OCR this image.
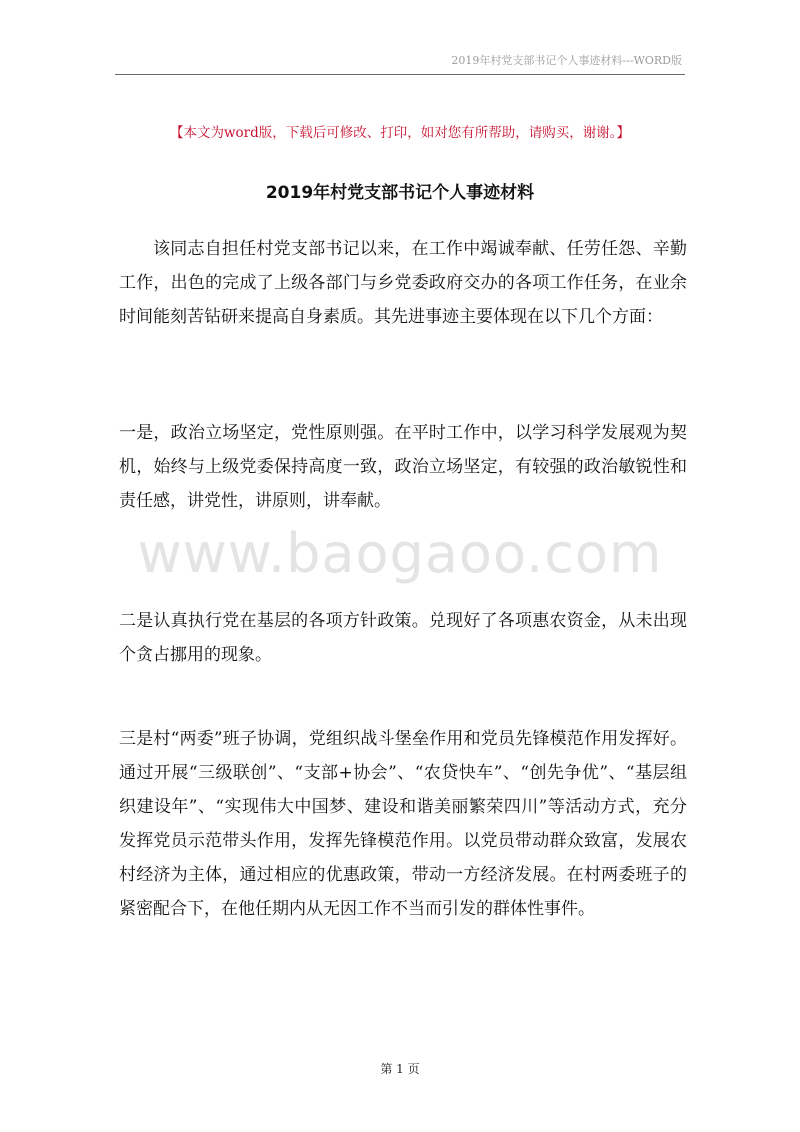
2019年村党支部书记个人事迹材料---WORD版
【本文为word版，下载后可修改、打印，如对您有所帮助，请购买，谢谢。】
2019年村党支部书记个人事迹材料

该同志自担任村党支部书记以来，在工作中竭诚奉献、任劳任怨、辛勤工作，出色的完成了上级各部门与乡党委政府交办的各项工作任务，在业余时间能刻苦钻研来提高自身素质。其先进事迹主要体现在以下几个方面：

一是，政治立场坚定，党性原则强。在平时工作中，以学习科学发展观为契机，始终与上级党委保持高度一致，政治立场坚定，有较强的政治敏锐性和责任感，讲党性，讲原则，讲奉献。

二是认真执行党在基层的各项方针政策。兑现好了各项惠农资金，从未出现个贪占挪用的现象。

三是村“两委”班子协调，党组织战斗堡垒作用和党员先锋模范作用发挥好。通过开展“三级联创”、“支部+协会”、“农贷快车”、“创先争优”、“基层组织建设年”、“实现伟大中国梦、建设和谐美丽繁荣四川”等活动方式，充分发挥党员示范带头作用，发挥先锋模范作用。以党员带动群众致富，发展农村经济为主体，通过相应的优惠政策，带动一方经济发展。在村两委班子的紧密配合下，在他任期内从无因工作不当而引发的群体性事件。

www.baogaoo.com
第 1 页
